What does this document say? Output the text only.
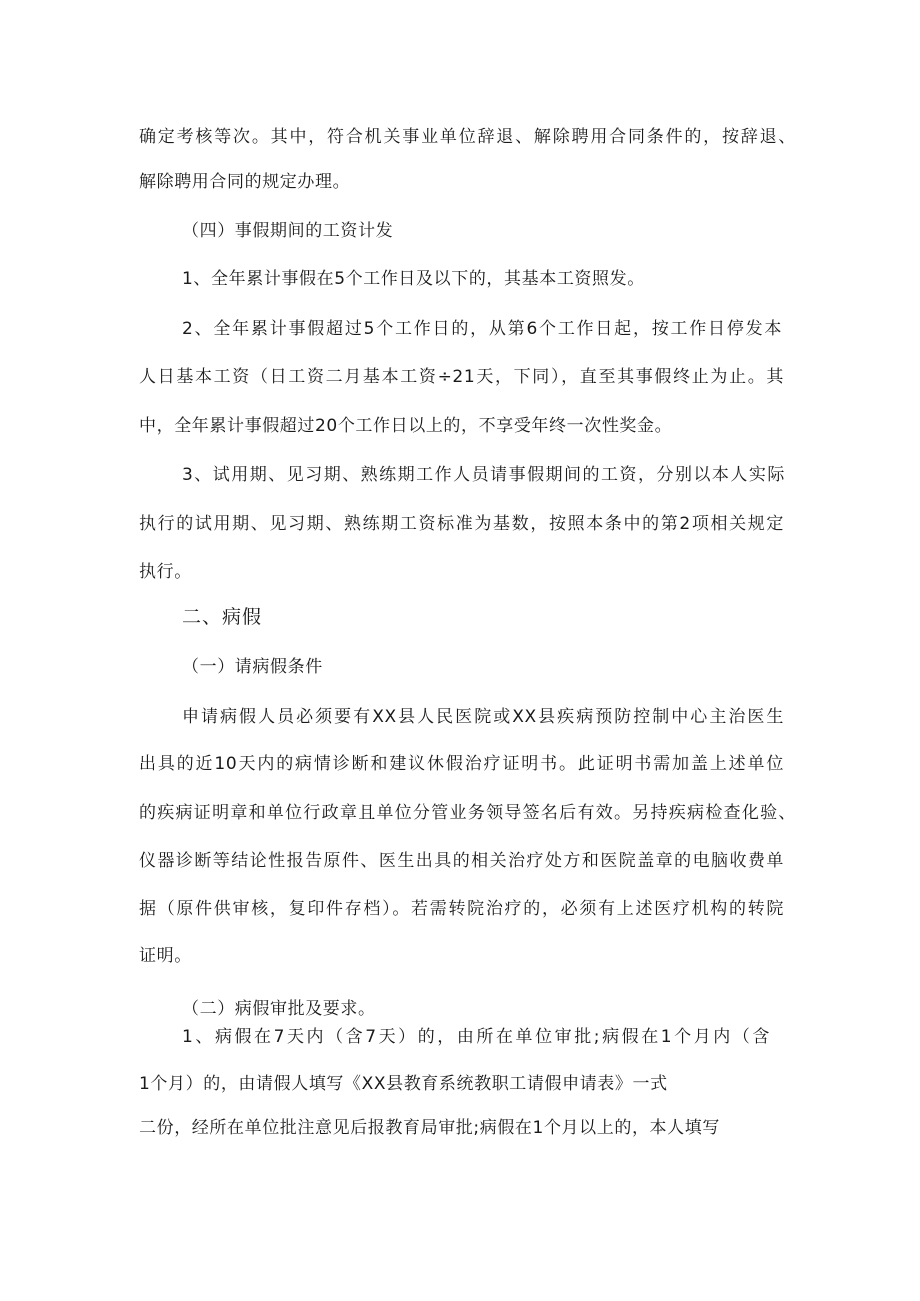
确定考核等次。其中，符合机关事业单位辞退、解除聘用合同条件的，按辞退、
解除聘用合同的规定办理。
（四）事假期间的工资计发
1、全年累计事假在5个工作日及以下的，其基本工资照发。
2、全年累计事假超过5个工作日的，从第6个工作日起，按工作日停发本
人日基本工资（日工资二月基本工资÷21天，下同），直至其事假终止为止。其
中，全年累计事假超过20个工作日以上的，不享受年终一次性奖金。
3、试用期、见习期、熟练期工作人员请事假期间的工资，分别以本人实际
执行的试用期、见习期、熟练期工资标准为基数，按照本条中的第2项相关规定
执行。
二、病假
（一）请病假条件
申请病假人员必须要有XX县人民医院或XX县疾病预防控制中心主治医生
出具的近10天内的病情诊断和建议休假治疗证明书。此证明书需加盖上述单位
的疾病证明章和单位行政章且单位分管业务领导签名后有效。另持疾病检查化验、
仪器诊断等结论性报告原件、医生出具的相关治疗处方和医院盖章的电脑收费单
据（原件供审核，复印件存档）。若需转院治疗的，必须有上述医疗机构的转院
证明。
（二）病假审批及要求。
1、病假在7天内（含7天）的，由所在单位审批;病假在1个月内（含
1个月）的，由请假人填写《XX县教育系统教职工请假申请表》一式
二份，经所在单位批注意见后报教育局审批;病假在1个月以上的，本人填写
